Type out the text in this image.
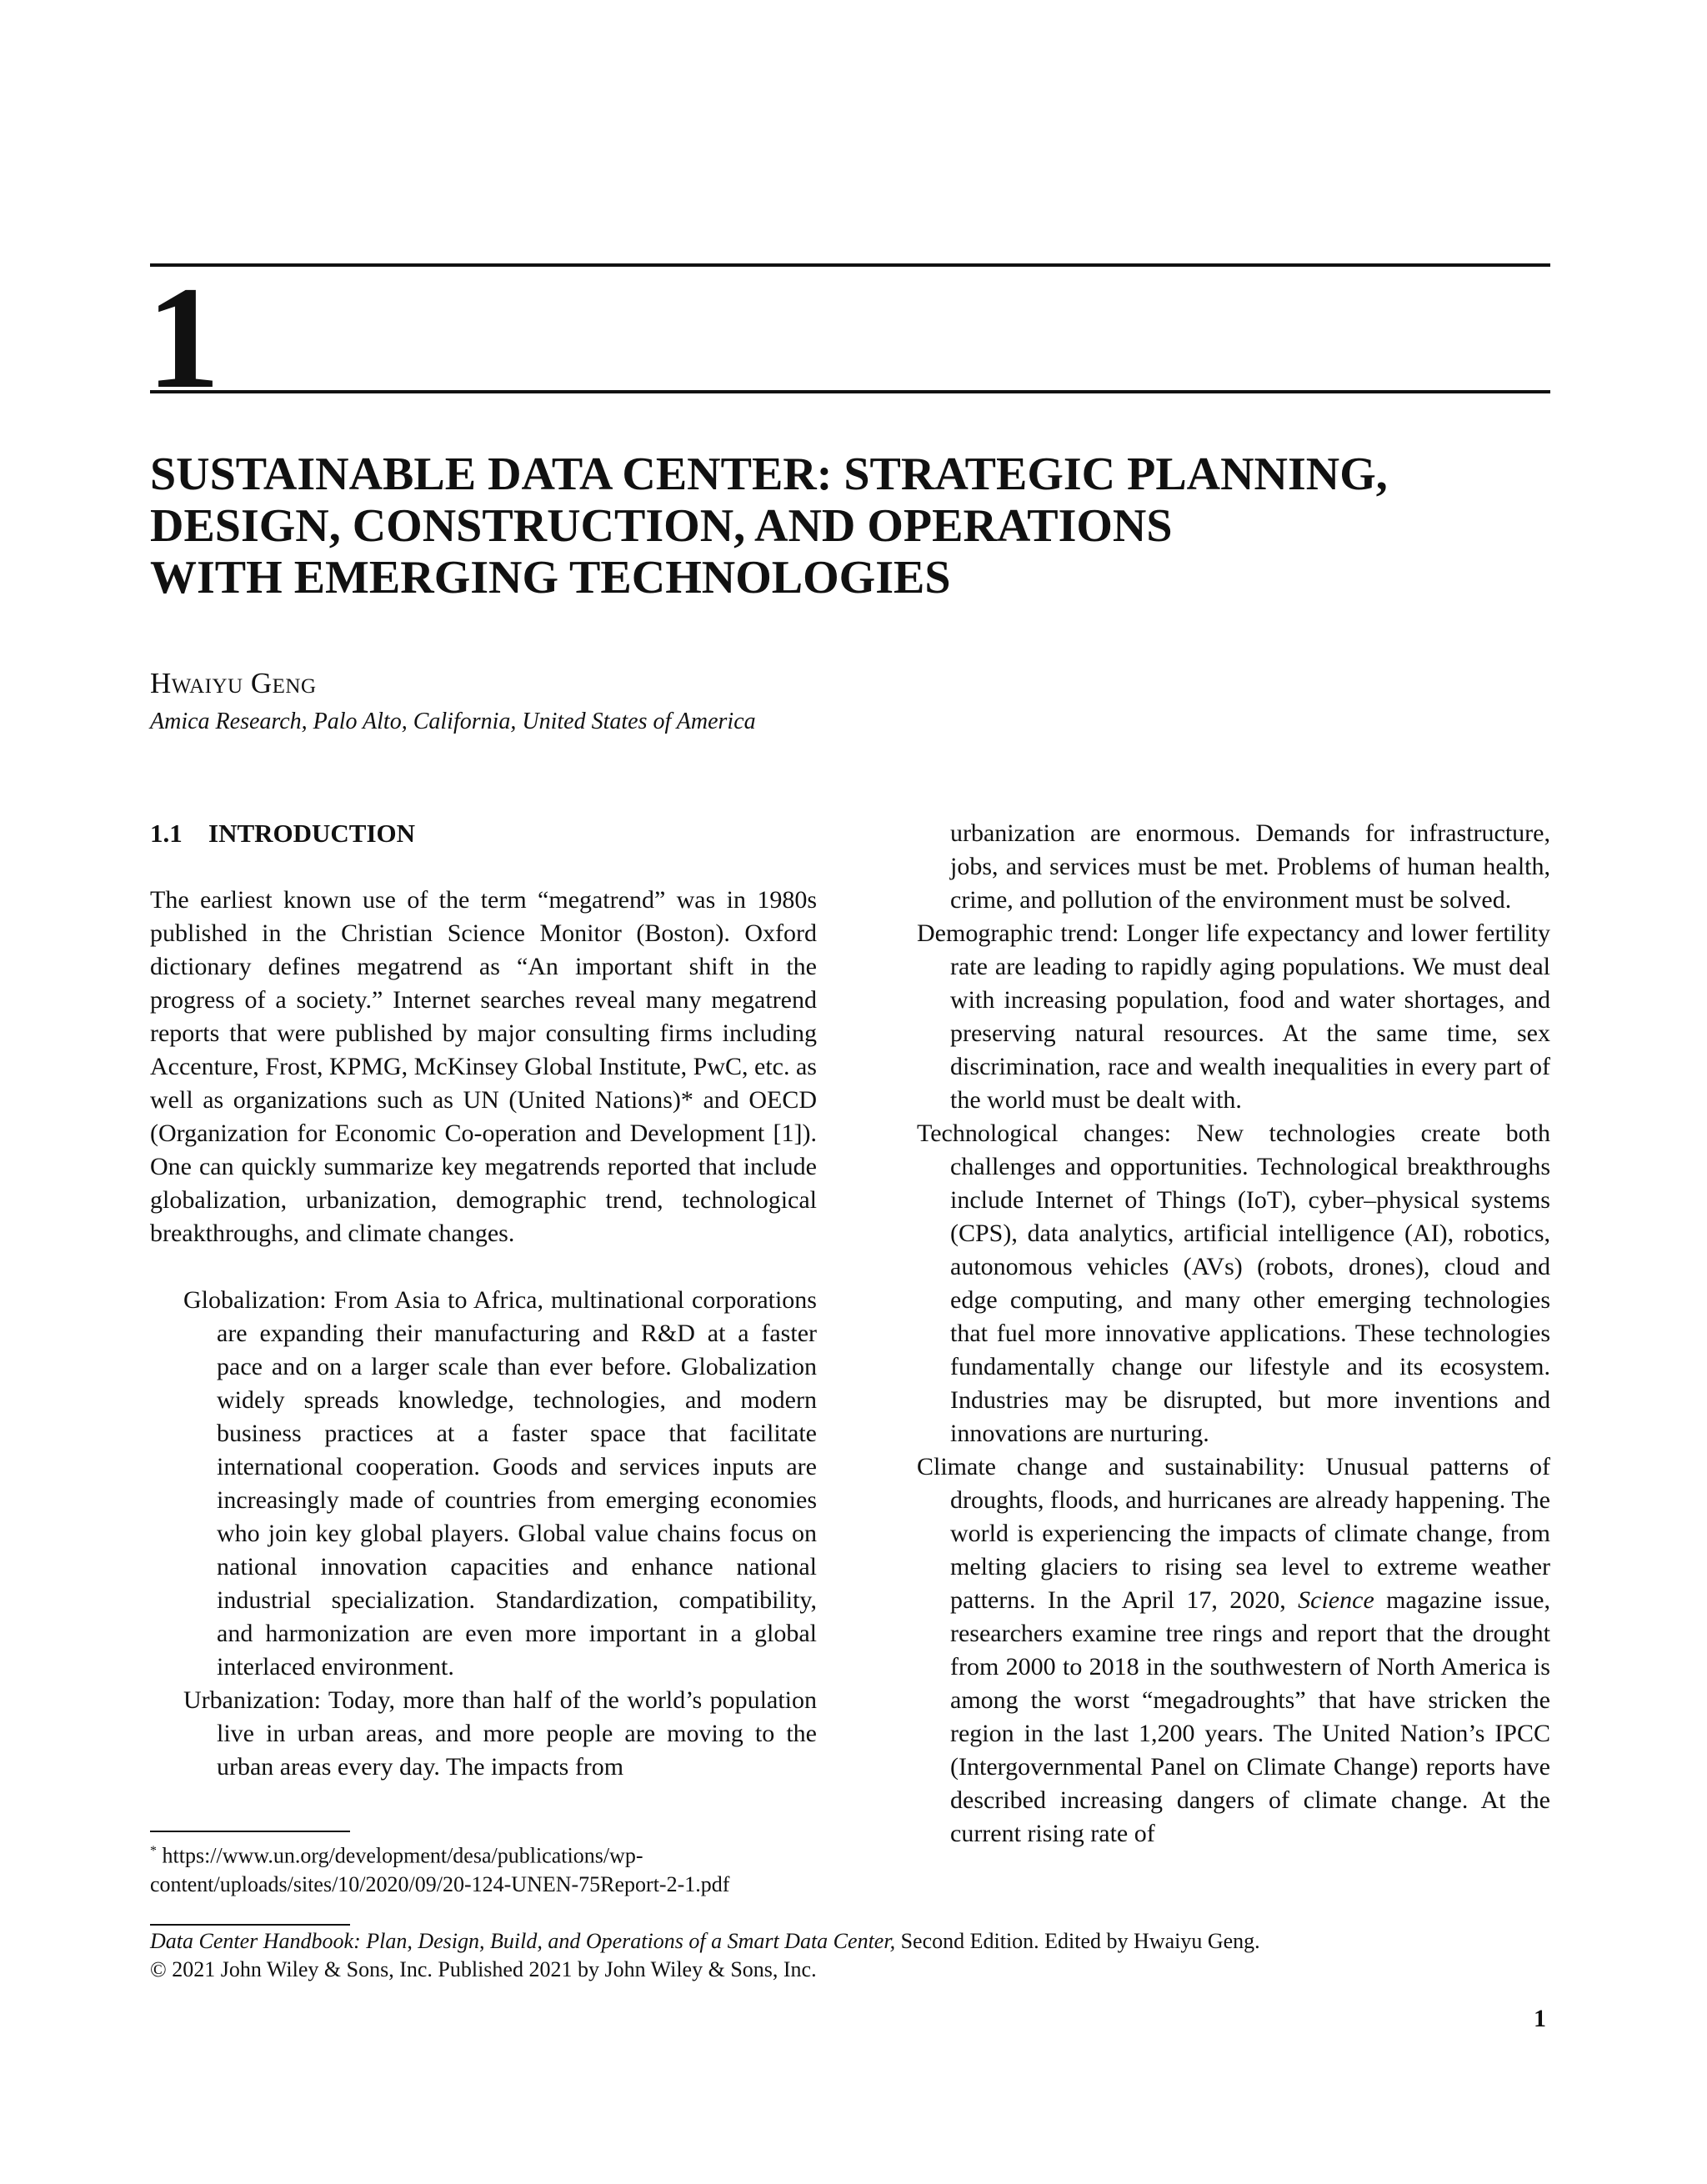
1
SUSTAINABLE DATA CENTER: STRATEGIC PLANNING,
DESIGN, CONSTRUCTION, AND OPERATIONS
WITH EMERGING TECHNOLOGIES
Hwaiyu Geng
Amica Research, Palo Alto, California, United States of America
1.1 INTRODUCTION

The earliest known use of the term “megatrend” was in 1980s published in the Christian Science Monitor (Boston). Oxford dictionary defines megatrend as “An important shift in the progress of a society.” Internet searches reveal many megatrend reports that were published by major consulting firms including Accenture, Frost, KPMG, McKinsey Global Institute, PwC, etc. as well as organizations such as UN (United Nations)* and OECD (Organization for Economic Co-operation and Development [1]). One can quickly summarize key megatrends reported that include globalization, urbanization, demographic trend, technological breakthroughs, and climate changes.

Globalization: From Asia to Africa, multinational corporations are expanding their manufacturing and R&D at a faster pace and on a larger scale than ever before. Globalization widely spreads knowledge, technologies, and modern business practices at a faster space that facilitate international cooperation. Goods and services inputs are increasingly made of countries from emerging economies who join key global players. Global value chains focus on national innovation capacities and enhance national industrial specialization. Standardization, compatibility, and harmonization are even more important in a global interlaced environment.

Urbanization: Today, more than half of the world’s population live in urban areas, and more people are moving to the urban areas every day. The impacts from

urbanization are enormous. Demands for infrastructure, jobs, and services must be met. Problems of human health, crime, and pollution of the environment must be solved.

Demographic trend: Longer life expectancy and lower fertility rate are leading to rapidly aging populations. We must deal with increasing population, food and water shortages, and preserving natural resources. At the same time, sex discrimination, race and wealth inequalities in every part of the world must be dealt with.

Technological changes: New technologies create both challenges and opportunities. Technological breakthroughs include Internet of Things (IoT), cyber–physical systems (CPS), data analytics, artificial intelligence (AI), robotics, autonomous vehicles (AVs) (robots, drones), cloud and edge computing, and many other emerging technologies that fuel more innovative applications. These technologies fundamentally change our lifestyle and its ecosystem. Industries may be disrupted, but more inventions and innovations are nurturing.

Climate change and sustainability: Unusual patterns of droughts, floods, and hurricanes are already happening. The world is experiencing the impacts of climate change, from melting glaciers to rising sea level to extreme weather patterns. In the April 17, 2020, Science magazine issue, researchers examine tree rings and report that the drought from 2000 to 2018 in the southwestern of North America is among the worst “megadroughts” that have stricken the region in the last 1,200 years. The United Nation’s IPCC (Intergovernmental Panel on Climate Change) reports have described increasing dangers of climate change. At the current rising rate of

* https://www.un.org/development/desa/publications/wp-content/uploads/sites/10/2020/09/20-124-UNEN-75Report-2-1.pdf
Data Center Handbook: Plan, Design, Build, and Operations of a Smart Data Center, Second Edition. Edited by Hwaiyu Geng.
© 2021 John Wiley & Sons, Inc. Published 2021 by John Wiley & Sons, Inc.
1
